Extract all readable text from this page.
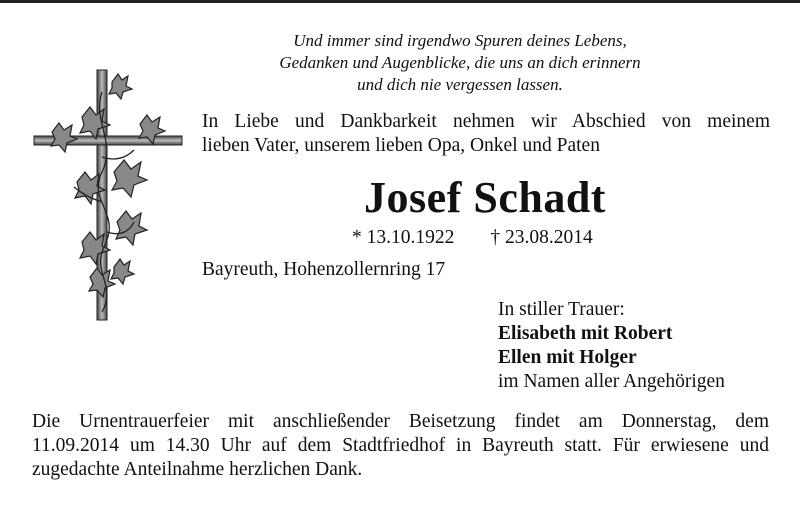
Und immer sind irgendwo Spuren deines Lebens,
Gedanken und Augenblicke, die uns an dich erinnern
und dich nie vergessen lassen.
In Liebe und Dankbarkeit nehmen wir Abschied von meinem
lieben Vater, unserem lieben Opa, Onkel und Paten
Josef Schadt
* 13.10.1922 † 23.08.2014
Bayreuth, Hohenzollernring 17
In stiller Trauer:
Elisabeth mit Robert
Ellen mit Holger
im Namen aller Angehörigen
Die Urnentrauerfeier mit anschließender Beisetzung findet am Donnerstag, dem
11.09.2014 um 14.30 Uhr auf dem Stadtfriedhof in Bayreuth statt. Für erwiesene und
zugedachte Anteilnahme herzlichen Dank.
